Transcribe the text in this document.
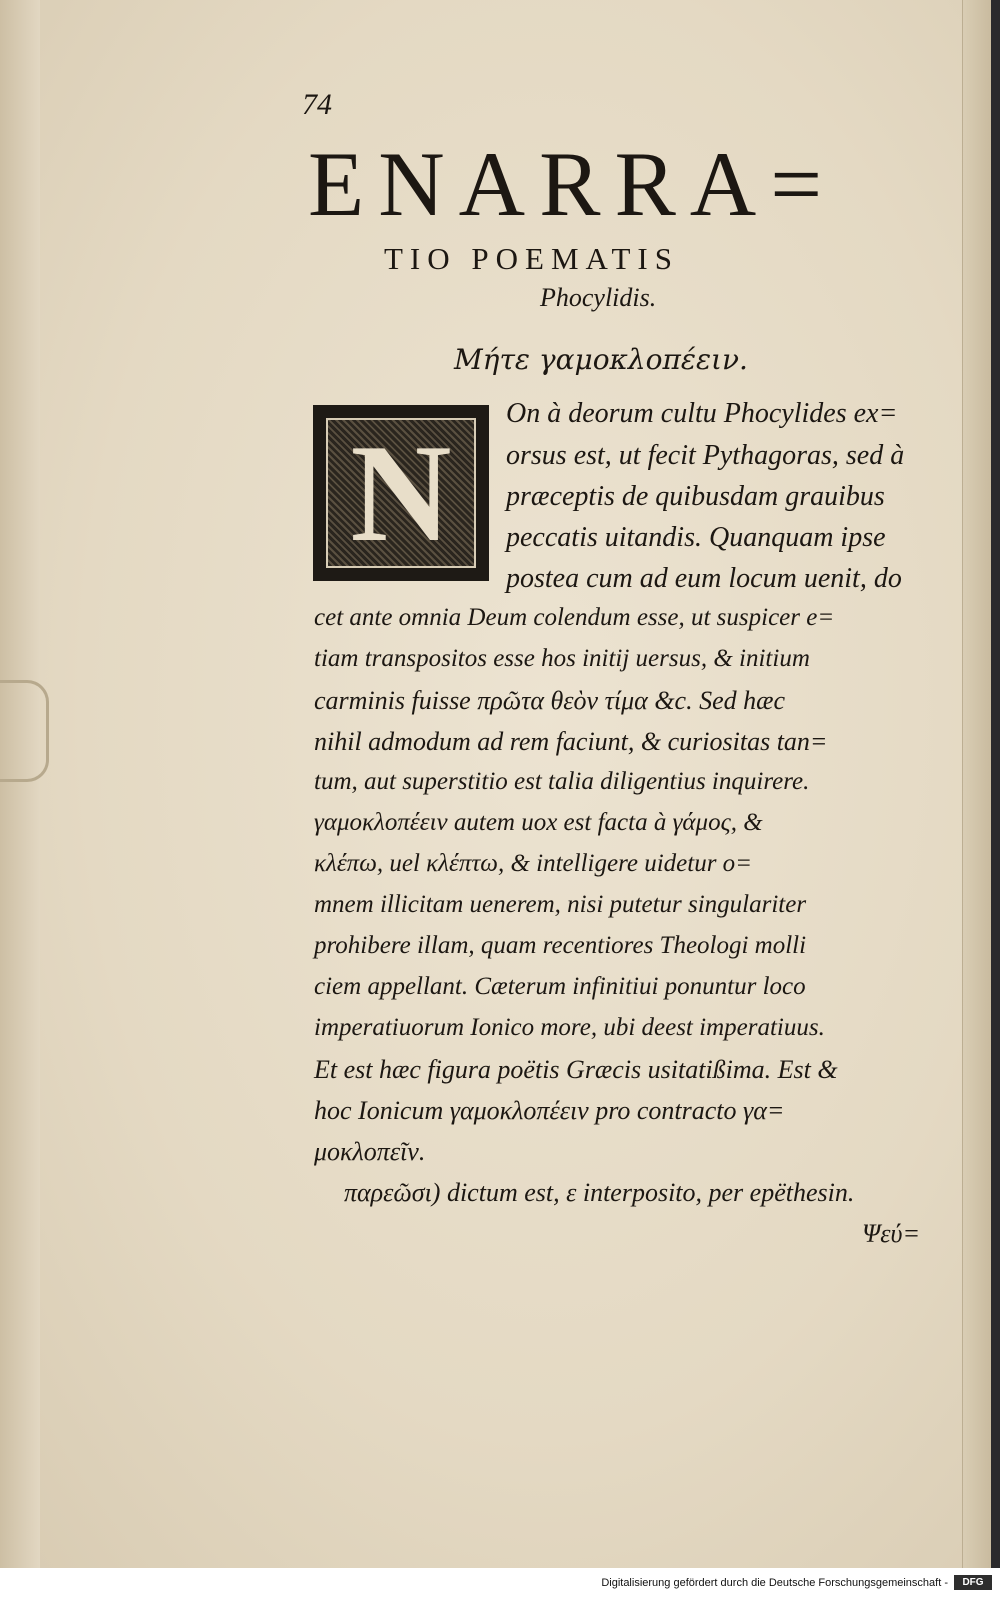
74
ENARRA=
TIO POEMATIS
Phocylidis.
Μήτε γαμοκλοπέειν.
N
On à deorum cultu Phocylides ex=
orsus est, ut fecit Pythagoras, sed à
præceptis de quibusdam grauibus
peccatis uitandis. Quanquam ipse
postea cum ad eum locum uenit, do
cet ante omnia Deum colendum esse, ut suspicer e=
tiam transpositos esse hos initij uersus, & initium
carminis fuisse πρῶτα θεὸν τίμα &c. Sed hæc
nihil admodum ad rem faciunt, & curiositas tan=
tum, aut superstitio est talia diligentius inquirere.
γαμοκλοπέειν autem uox est facta à γάμος, &
κλέπω, uel κλέπτω, & intelligere uidetur o=
mnem illicitam uenerem, nisi putetur singulariter
prohibere illam, quam recentiores Theologi molli
ciem appellant. Cæterum infinitiui ponuntur loco
imperatiuorum Ionico more, ubi deest imperatiuus.
Et est hæc figura poëtis Græcis usitatißima. Est &
hoc Ionicum γαμοκλοπέειν pro contracto γα=
μοκλοπεῖν.
παρεῶσι) dictum est, ε interposito, per epëthesin.
Ψεύ=
Digitalisierung gefördert durch die Deutsche Forschungsgemeinschaft -	DFG
